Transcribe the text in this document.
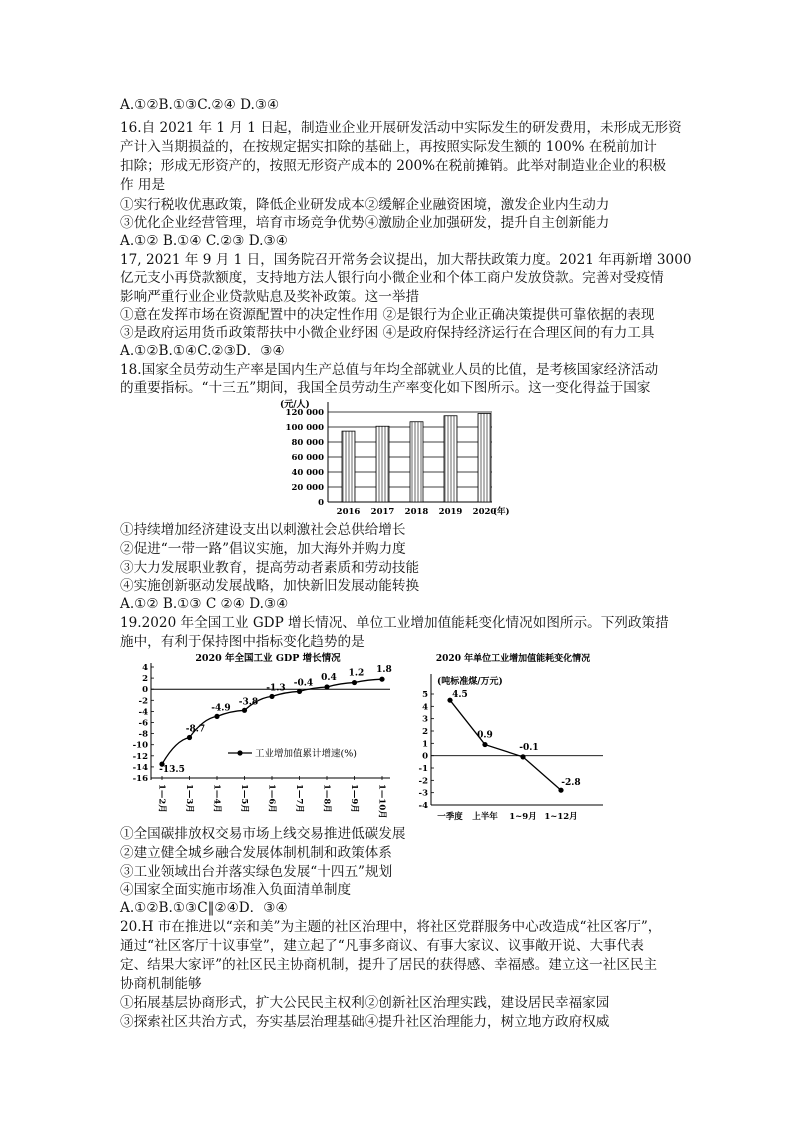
A.①②B.①③C.②④ D.③④
16.自 2021 年 1 月 1 日起，制造业企业开展研发活动中实际发生的研发费用，未形成无形资
产计入当期损益的，在按规定据实扣除的基础上，再按照实际发生额的 100% 在税前加计
扣除；形成无形资产的，按照无形资产成本的 200%在税前摊销。此举对制造业企业的积极
作 用是
①实行税收优惠政策，降低企业研发成本②缓解企业融资困境，激发企业内生动力
③优化企业经营管理，培育市场竞争优势④激励企业加强研发，提升自主创新能力
A.①② B.①④ C.②③ D.③④
17, 2021 年 9 月 1 日，国务院召开常务会议提出，加大帮扶政策力度。2021 年再新增 3000
亿元支小再贷款额度，支持地方法人银行向小微企业和个体工商户发放贷款。完善对受疫情
影响严重行业企业贷款贴息及奖补政策。这一举措
①意在发挥市场在资源配置中的决定性作用 ②是银行为企业正确决策提供可靠依据的表现
③是政府运用货币政策帮扶中小微企业纾困 ④是政府保持经济运行在合理区间的有力工具
A.①②B.①④C.②③D．③④
18.国家全员劳动生产率是国内生产总值与年均全部就业人员的比值，是考核国家经济活动
的重要指标。“十三五”期间，我国全员劳动生产率变化如下图所示。这一变化得益于国家
(元/人)
0
20 000
40 000
60 000
80 000
100 000
120 000
2016 2017 2018 2019 2020
(年)
①持续增加经济建设支出以刺激社会总供给增长
②促进“一带一路”倡议实施，加大海外并购力度
③大力发展职业教育，提高劳动者素质和劳动技能
④实施创新驱动发展战略，加快新旧发展动能转换
A.①② B.①③ C ②④ D.③④
19.2020 年全国工业 GDP 增长情况、单位工业增加值能耗变化情况如图所示。下列政策措
施中，有利于保持图中指标变化趋势的是
2020 年全国工业 GDP 增长情况
4
2
0
-2
-4
-6
-8
-10
-12
-14
-16
-13.5
1—2月
-8.7
1—3月
-4.9
1—4月
-3.8
1—5月
-1.3
1—6月
-0.4
1—7月
0.4
1—8月
1.2
1—9月
1.8
1—10月
工业增加值累计增速(%)
2020 年单位工业增加值能耗变化情况
(吨标准煤/万元)
5
4
3
2
1
0
-1
-2
-3
-4
4.5
一季度
0.9
上半年
-0.1
1~9月
-2.8
1~12月
①全国碳排放权交易市场上线交易推进低碳发展
②建立健全城乡融合发展体制机制和政策体系
③工业领域出台并落实绿色发展“十四五”规划
④国家全面实施市场准入负面清单制度
A.①②B.①③C‖②④D．③④
20.H 市在推进以“亲和美”为主题的社区治理中，将社区党群服务中心改造成“社区客厅”，
通过“社区客厅十议事堂”，建立起了“凡事多商议、有事大家议、议事敞开说、大事代表
定、结果大家评”的社区民主协商机制，提升了居民的获得感、幸福感。建立这一社区民主
协商机制能够
①拓展基层协商形式，扩大公民民主权利②创新社区治理实践，建设居民幸福家园
③探索社区共治方式，夯实基层治理基础④提升社区治理能力，树立地方政府权威
